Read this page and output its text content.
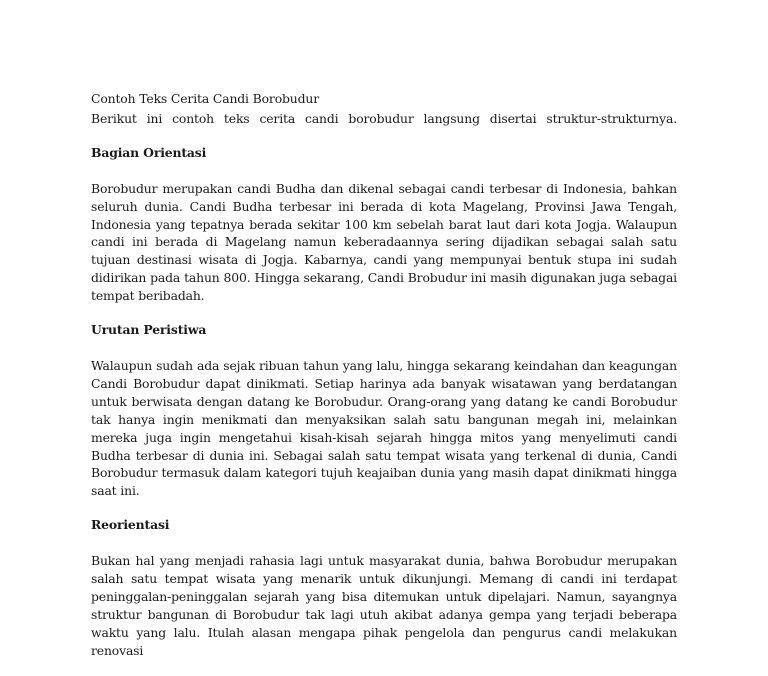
Contoh Teks Cerita Candi Borobudur

Berikut ini contoh teks cerita candi borobudur langsung disertai struktur-strukturnya.

Bagian Orientasi

Borobudur merupakan candi Budha dan dikenal sebagai candi terbesar di Indonesia, bahkan seluruh dunia. Candi Budha terbesar ini berada di kota Magelang, Provinsi Jawa Tengah, Indonesia yang tepatnya berada sekitar 100 km sebelah barat laut dari kota Jogja. Walaupun candi ini berada di Magelang namun keberadaannya sering dijadikan sebagai salah satu tujuan destinasi wisata di Jogja. Kabarnya, candi yang mempunyai bentuk stupa ini sudah didirikan pada tahun 800. Hingga sekarang, Candi Brobudur ini masih digunakan juga sebagai tempat beribadah.

Urutan Peristiwa

Walaupun sudah ada sejak ribuan tahun yang lalu, hingga sekarang keindahan dan keagungan Candi Borobudur dapat dinikmati. Setiap harinya ada banyak wisatawan yang berdatangan untuk berwisata dengan datang ke Borobudur. Orang-orang yang datang ke candi Borobudur tak hanya ingin menikmati dan menyaksikan salah satu bangunan megah ini, melainkan mereka juga ingin mengetahui kisah-kisah sejarah hingga mitos yang menyelimuti candi Budha terbesar di dunia ini. Sebagai salah satu tempat wisata yang terkenal di dunia, Candi Borobudur termasuk dalam kategori tujuh keajaiban dunia yang masih dapat dinikmati hingga saat ini.

Reorientasi

Bukan hal yang menjadi rahasia lagi untuk masyarakat dunia, bahwa Borobudur merupakan salah satu tempat wisata yang menarik untuk dikunjungi. Memang di candi ini terdapat peninggalan-peninggalan sejarah yang bisa ditemukan untuk dipelajari. Namun, sayangnya struktur bangunan di Borobudur tak lagi utuh akibat adanya gempa yang terjadi beberapa waktu yang lalu. Itulah alasan mengapa pihak pengelola dan pengurus candi melakukan renovasi
